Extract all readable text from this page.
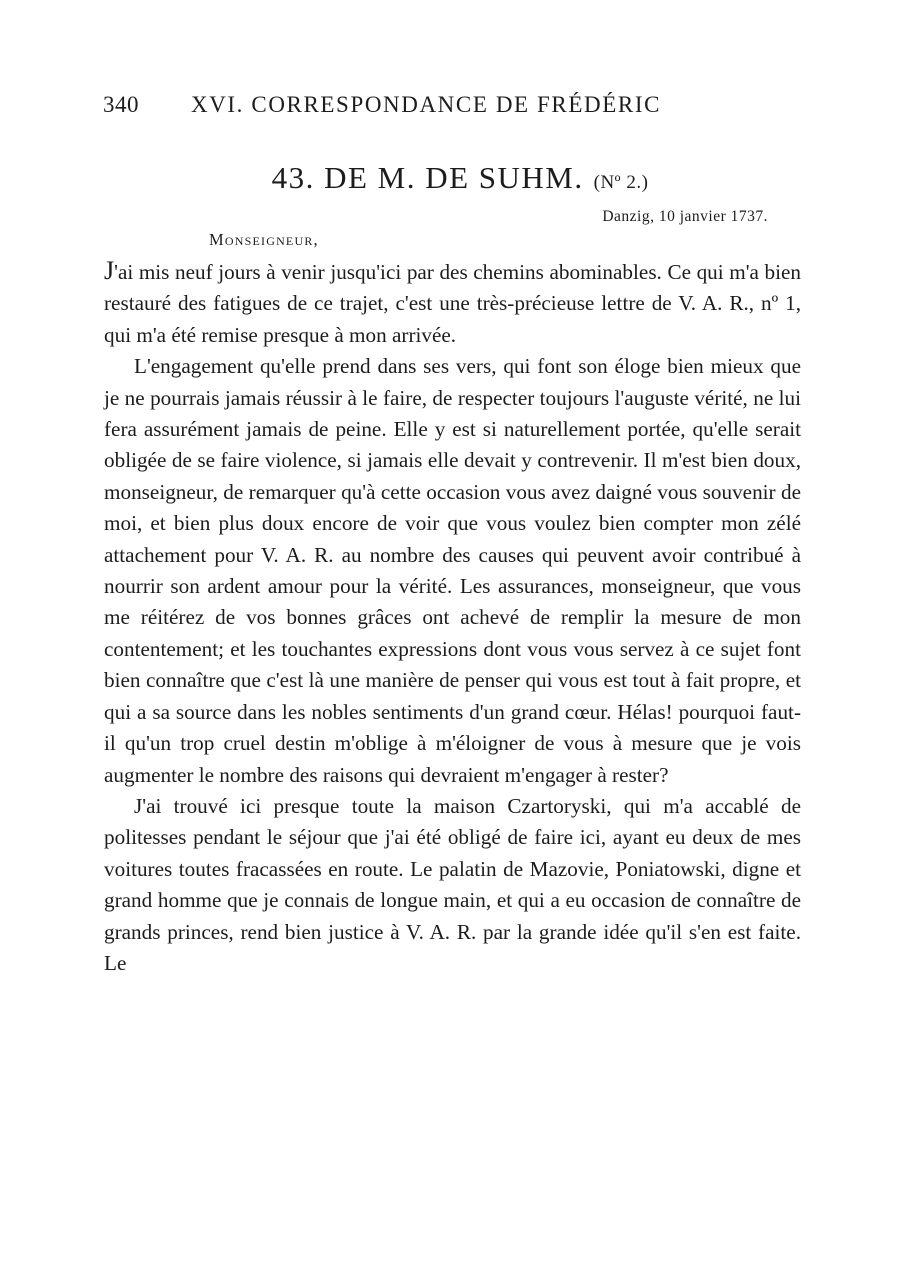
340 XVI. CORRESPONDANCE DE FRÉDÉRIC
43. DE M. DE SUHM. (Nº 2.)
Danzig, 10 janvier 1737.
Monseigneur,

J'ai mis neuf jours à venir jusqu'ici par des chemins abominables. Ce qui m'a bien restauré des fatigues de ce trajet, c'est une très-précieuse lettre de V. A. R., nº 1, qui m'a été remise presque à mon arrivée.

L'engagement qu'elle prend dans ses vers, qui font son éloge bien mieux que je ne pourrais jamais réussir à le faire, de respecter toujours l'auguste vérité, ne lui fera assurément jamais de peine. Elle y est si naturellement portée, qu'elle serait obligée de se faire violence, si jamais elle devait y contrevenir. Il m'est bien doux, monseigneur, de remarquer qu'à cette occasion vous avez daigné vous souvenir de moi, et bien plus doux encore de voir que vous voulez bien compter mon zélé attachement pour V. A. R. au nombre des causes qui peuvent avoir contribué à nourrir son ardent amour pour la vérité. Les assurances, monseigneur, que vous me réitérez de vos bonnes grâces ont achevé de remplir la mesure de mon contentement; et les touchantes expressions dont vous vous servez à ce sujet font bien connaître que c'est là une manière de penser qui vous est tout à fait propre, et qui a sa source dans les nobles sentiments d'un grand cœur. Hélas! pourquoi faut-il qu'un trop cruel destin m'oblige à m'éloigner de vous à mesure que je vois augmenter le nombre des raisons qui devraient m'engager à rester?

J'ai trouvé ici presque toute la maison Czartoryski, qui m'a accablé de politesses pendant le séjour que j'ai été obligé de faire ici, ayant eu deux de mes voitures toutes fracassées en route. Le palatin de Mazovie, Poniatowski, digne et grand homme que je connais de longue main, et qui a eu occasion de connaître de grands princes, rend bien justice à V. A. R. par la grande idée qu'il s'en est faite. Le
